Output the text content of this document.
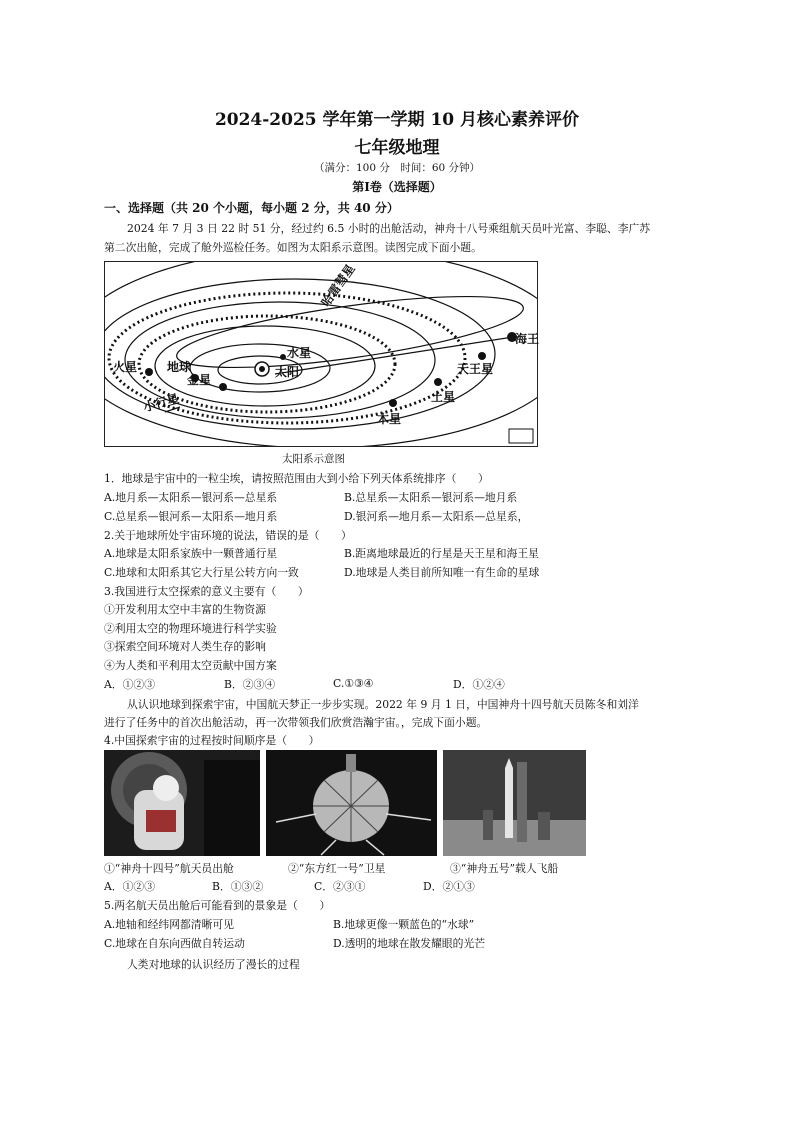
2024-2025 学年第一学期 10 月核心素养评价
七年级地理
（满分：100 分　时间：60 分钟）
第Ⅰ卷（选择题）
一、选择题（共 20 个小题，每小题 2 分，共 40 分）
2024 年 7 月 3 日 22 时 51 分，经过约 6.5 小时的出舱活动，神舟十八号乘组航天员叶光富、李聪、李广苏
第二次出舱，完成了舱外巡检任务。如图为太阳系示意图。读图完成下面小题。
哈雷彗星
水星
太阳
地球
金星
火星
小行星
木星
土星
天王星
海王
太阳系示意图
1．地球是宇宙中的一粒尘埃，请按照范围由大到小给下列天体系统排序（　　）
A.地月系—太阳系—银河系—总星系	B.总星系—太阳系—银河系—地月系
C.总星系—银河系—太阳系—地月系	D.银河系—地月系—太阳系—总星系，
2.关于地球所处宇宙环境的说法，错误的是（　　）
A.地球是太阳系家族中一颗普通行星	B.距离地球最近的行星是天王星和海王星
C.地球和太阳系其它大行星公转方向一致	D.地球是人类目前所知唯一有生命的星球
3.我国进行太空探索的意义主要有（　　）
①开发利用太空中丰富的生物资源
②利用太空的物理环境进行科学实验
③探索空间环境对人类生存的影响
④为人类和平利用太空贡献中国方案
A．①②③	B．②③④	C.①③④	D．①②④
从认识地球到探索宇宙，中国航天梦正一步步实现。2022 年 9 月 1 日，中国神舟十四号航天员陈冬和刘洋
进行了任务中的首次出舱活动，再一次带领我们欣赏浩瀚宇宙。，完成下面小题。
4.中国探索宇宙的过程按时间顺序是（　　）
①“神舟十四号”航天员出舱	②“东方红一号”卫星	③“神舟五号”载人飞船
A．①②③	B．①③②	C．②③①	D．②①③
5.两名航天员出舱后可能看到的景象是（　　）
A.地轴和经纬网都清晰可见	B.地球更像一颗蓝色的“水球”
C.地球在自东向西做自转运动	D.透明的地球在散发耀眼的光芒
人类对地球的认识经历了漫长的过程
